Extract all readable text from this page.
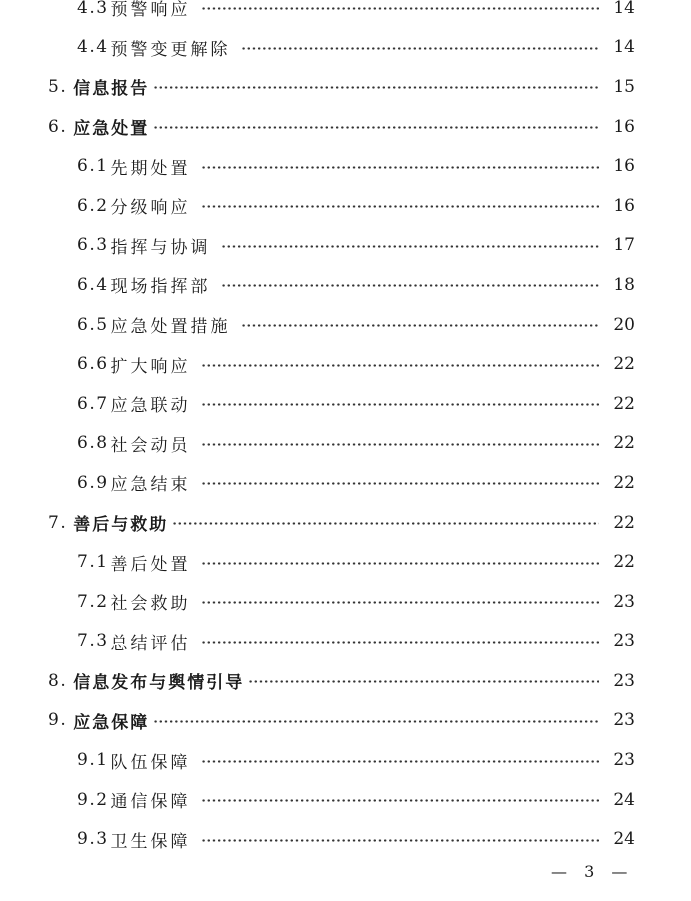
4.3 预警响应	14
4.4 预警变更解除	14
5. 信息报告	15
6. 应急处置	16
6.1 先期处置	16
6.2 分级响应	16
6.3 指挥与协调	17
6.4 现场指挥部	18
6.5 应急处置措施	20
6.6 扩大响应	22
6.7 应急联动	22
6.8 社会动员	22
6.9 应急结束	22
7. 善后与救助	22
7.1 善后处置	22
7.2 社会救助	23
7.3 总结评估	23
8. 信息发布与舆情引导	23
9. 应急保障	23
9.1 队伍保障	23
9.2 通信保障	24
9.3 卫生保障	24
— 3 —
